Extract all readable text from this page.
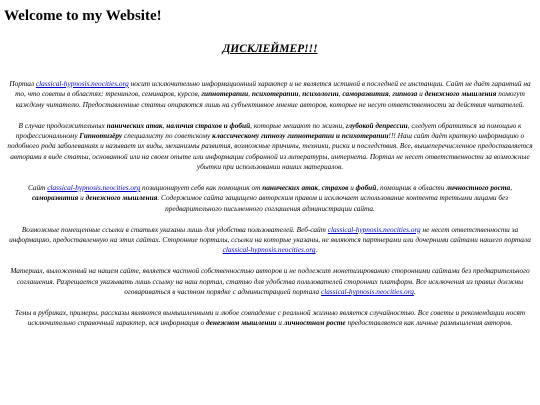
Welcome to my Website!
ДИСКЛЕЙМЕР!!!

Портал classical-hypnosis.neocities.org носит исключительно информационный характер и не является истиной в последней ее инстанции. Сайт не даёт гарантий на то, что советы в областях: тренингов, семинаров, курсов, гипнотерапии, психотерапии, психологии, саморазвития, гипноза и денежного мышления помогут каждому читателю. Предоставленные статьи опираются лишь на субъективное мнение авторов, которые не несут ответственности за действия читателей.

В случае продолжительных панических атак, наличия страхов и фобий, которые мешают по жизни, глубокой депрессии, следует обратиться за помощью к профессиональному Гипнотизёру специалисту по советскому классическому гипнозу гипнотерапии и психотерапии!!! Наш сайт даёт краткую информацию о подобного рода заболеваниях и называет их виды, механизмы развития, возможные причины, техники, риски и последствия. Все, вышеперечисленное предоставляется авторами в виде статьи, основанной или на своем опыте или информации собранной из литературы, интернета. Портал не несет ответственности за возможные убытки при использовании наших материалов.

Сайт classical-hypnosis.neocities.org позиционирует себя как помощник от панических атак, страхов и фобий, помощник в области личностного роста, саморазвития и денежного мышления. Содержимое сайта защищено авторским правом и исключает использование контента третьими лицами без предварительного письменного соглашения администрации сайта.

Возможные помещенные ссылки в статьях указаны лишь для удобства пользователей. Веб-сайт classical-hypnosis.neocities.org не несет ответственности за информацию, предоставленную на этих сайтах. Сторонние порталы, ссылки на которые указаны, не являются партнерами или дочерними сайтами нашего портала classical-hypnosis.neocities.org.

Материал, выложенный на нашем сайте, является частной собственностью авторов и не подлежит монетизированию сторонними сайтами без предварительного соглашения. Разрешается указывать лишь ссылку на наш портал, статью для удобства пользователей сторонних платформ. Все исключения из правил должны оговариваться в частном порядке с администрацией портала classical-hypnosis.neocities.org.

Темы в рубриках, примеры, рассказы являются вымышленными и любое совпадение с реальной жизнью является случайностью. Все советы и рекомендации носят исключительно справочный характер, вся информация о денежном мышлении и личностном росте предоставляется как личные размышления авторов.
